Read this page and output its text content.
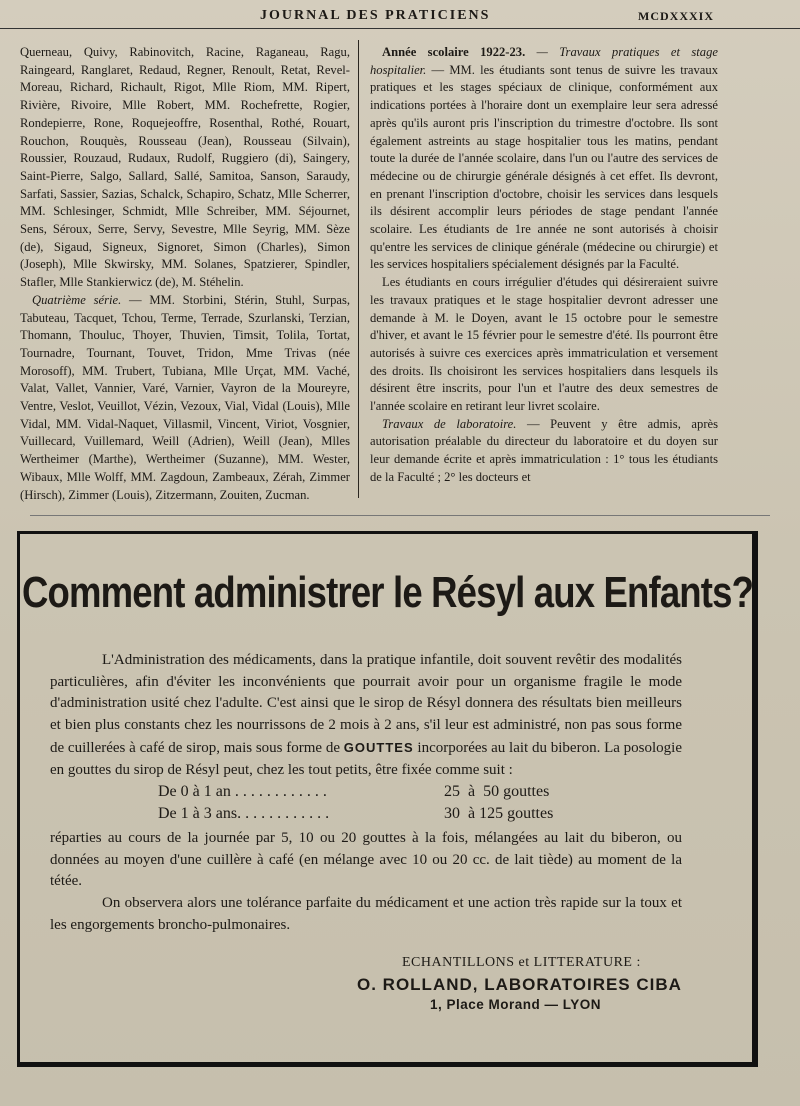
JOURNAL DES PRATICIENS	MCDXXXIX

Querneau, Quivy, Rabinovitch, Racine, Raganeau, Ragu, Raingeard, Ranglaret, Redaud, Regner, Renoult, Retat, Revel-Moreau, Richard, Richault, Rigot, Mlle Riom, MM. Ripert, Rivière, Rivoire, Mlle Robert, MM. Rochefrette, Rogier, Rondepierre, Rone, Roquejeoffre, Rosenthal, Rothé, Rouart, Rouchon, Rouquès, Rousseau (Jean), Rousseau (Silvain), Roussier, Rouzaud, Rudaux, Rudolf, Ruggiero (di), Saingery, Saint-Pierre, Salgo, Sallard, Sallé, Samitoa, Sanson, Saraudy, Sarfati, Sassier, Sazias, Schalck, Schapiro, Schatz, Mlle Scherrer, MM. Schlesinger, Schmidt, Mlle Schreiber, MM. Séjournet, Sens, Séroux, Serre, Servy, Sevestre, Mlle Seyrig, MM. Sèze (de), Sigaud, Signeux, Signoret, Simon (Charles), Simon (Joseph), Mlle Skwirsky, MM. Solanes, Spatzierer, Spindler, Stafler, Mlle Stankierwicz (de), M. Stéhelin.

Quatrième série. — MM. Storbini, Stérin, Stuhl, Surpas, Tabuteau, Tacquet, Tchou, Terme, Terrade, Szurlanski, Terzian, Thomann, Thouluc, Thoyer, Thuvien, Timsit, Tolila, Tortat, Tournadre, Tournant, Touvet, Tridon, Mme Trivas (née Morosoff), MM. Trubert, Tubiana, Mlle Urçat, MM. Vaché, Valat, Vallet, Vannier, Varé, Varnier, Vayron de la Moureyre, Ventre, Veslot, Veuillot, Vézin, Vezoux, Vial, Vidal (Louis), Mlle Vidal, MM. Vidal-Naquet, Villasmil, Vincent, Viriot, Vosgnier, Vuillecard, Vuillemard, Weill (Adrien), Weill (Jean), Mlles Wertheimer (Marthe), Wertheimer (Suzanne), MM. Wester, Wibaux, Mlle Wolff, MM. Zagdoun, Zambeaux, Zérah, Zimmer (Hirsch), Zimmer (Louis), Zitzermann, Zouiten, Zucman.

Année scolaire 1922-23. — Travaux pratiques et stage hospitalier. — MM. les étudiants sont tenus de suivre les travaux pratiques et les stages spéciaux de clinique, conformément aux indications portées à l'horaire dont un exemplaire leur sera adressé après qu'ils auront pris l'inscription du trimestre d'octobre. Ils sont également astreints au stage hospitalier tous les matins, pendant toute la durée de l'année scolaire, dans l'un ou l'autre des services de médecine ou de chirurgie générale désignés à cet effet. Ils devront, en prenant l'inscription d'octobre, choisir les services dans lesquels ils désirent accomplir leurs périodes de stage pendant l'année scolaire. Les étudiants de 1re année ne sont autorisés à choisir qu'entre les services de clinique générale (médecine ou chirurgie) et les services hospitaliers spécialement désignés par la Faculté.

Les étudiants en cours irrégulier d'études qui désireraient suivre les travaux pratiques et le stage hospitalier devront adresser une demande à M. le Doyen, avant le 15 octobre pour le semestre d'hiver, et avant le 15 février pour le semestre d'été. Ils pourront être autorisés à suivre ces exercices après immatriculation et versement des droits. Ils choisiront les services hospitaliers dans lesquels ils désirent être inscrits, pour l'un et l'autre des deux semestres de l'année scolaire en retirant leur livret scolaire.

Travaux de laboratoire. — Peuvent y être admis, après autorisation préalable du directeur du laboratoire et du doyen sur leur demande écrite et après immatriculation : 1° tous les étudiants de la Faculté ; 2° les docteurs et

Comment administrer le Résyl aux Enfants?

L'Administration des médicaments, dans la pratique infantile, doit souvent revêtir des modalités particulières, afin d'éviter les inconvénients que pourrait avoir pour un organisme fragile le mode d'administration usité chez l'adulte. C'est ainsi que le sirop de Résyl donnera des résultats bien meilleurs et bien plus constants chez les nourrissons de 2 mois à 2 ans, s'il leur est administré, non pas sous forme de cuillerées à café de sirop, mais sous forme de GOUTTES incorporées au lait du biberon. La posologie en gouttes du sirop de Résyl peut, chez les tout petits, être fixée comme suit :

De 0 à 1 an . . . . . . . . . . . .	25  à  50 gouttes
De 1 à 3 ans. . . . . . . . . . . .	30  à 125 gouttes

réparties au cours de la journée par 5, 10 ou 20 gouttes à la fois, mélangées au lait du biberon, ou données au moyen d'une cuillère à café (en mélange avec 10 ou 20 cc. de lait tiède) au moment de la tétée.

On observera alors une tolérance parfaite du médicament et une action très rapide sur la toux et les engorgements broncho-pulmonaires.

ECHANTILLONS et LITTERATURE :
O. ROLLAND, LABORATOIRES CIBA
1, Place Morand — LYON
